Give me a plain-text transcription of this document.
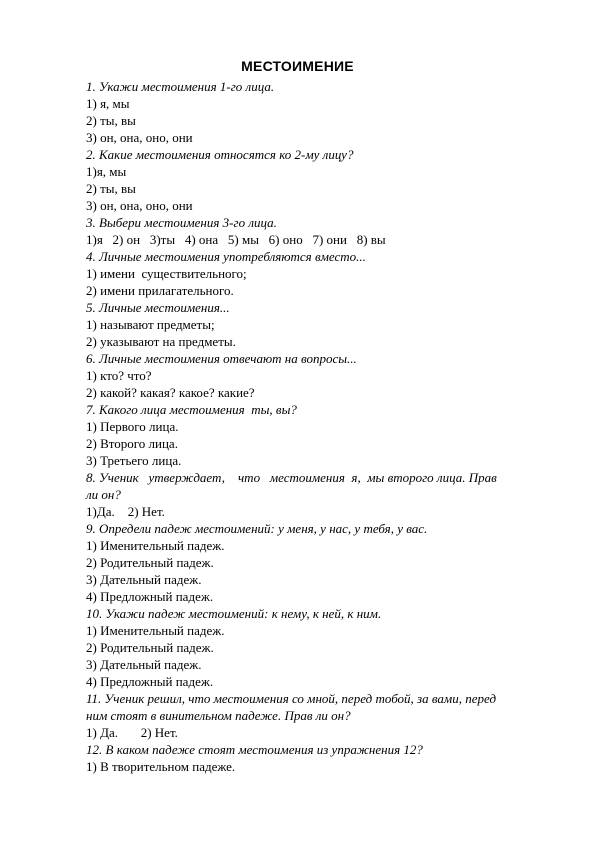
МЕСТОИМЕНИЕ

1. Укажи местоимения 1-го лица.

1) я, мы

2) ты, вы

3) он, она, оно, они

2. Какие местоимения относятся ко 2-му лицу?

1)я, мы

2) ты, вы

3) он, она, оно, они

3. Выбери местоимения 3-го лица.

1)я   2) он   3)ты   4) она   5) мы   6) оно   7) они   8) вы

4. Личные местоимения употребляются вместо...

1) имени  существительного;

2) имени прилагательного.

5. Личные местоимения...

1) называют предметы;

2) указывают на предметы.

6. Личные местоимения отвечают на вопросы...

1) кто? что?

2) какой? какая? какое? какие?

7. Какого лица местоимения  ты, вы?

1) Первого лица.

2) Второго лица.

3) Третьего лица.

8. Ученик   утверждает,    что   местоимения  я,  мы второго лица. Прав

ли он?

1)Да.    2) Нет.

9. Определи падеж местоимений: у меня, у нас, у тебя, у вас.

1) Именительный падеж.

2) Родительный падеж.

3) Дательный падеж.

4) Предложный падеж.

10. Укажи падеж местоимений: к нему, к ней, к ним.

1) Именительный падеж.

2) Родительный падеж.

3) Дательный падеж.

4) Предложный падеж.

11. Ученик решил, что местоимения со мной, перед тобой, за вами, перед

ним стоят в винительном падеже. Прав ли он?

1) Да.       2) Нет.

12. В каком падеже стоят местоимения из упражнения 12?

1) В творительном падеже.
